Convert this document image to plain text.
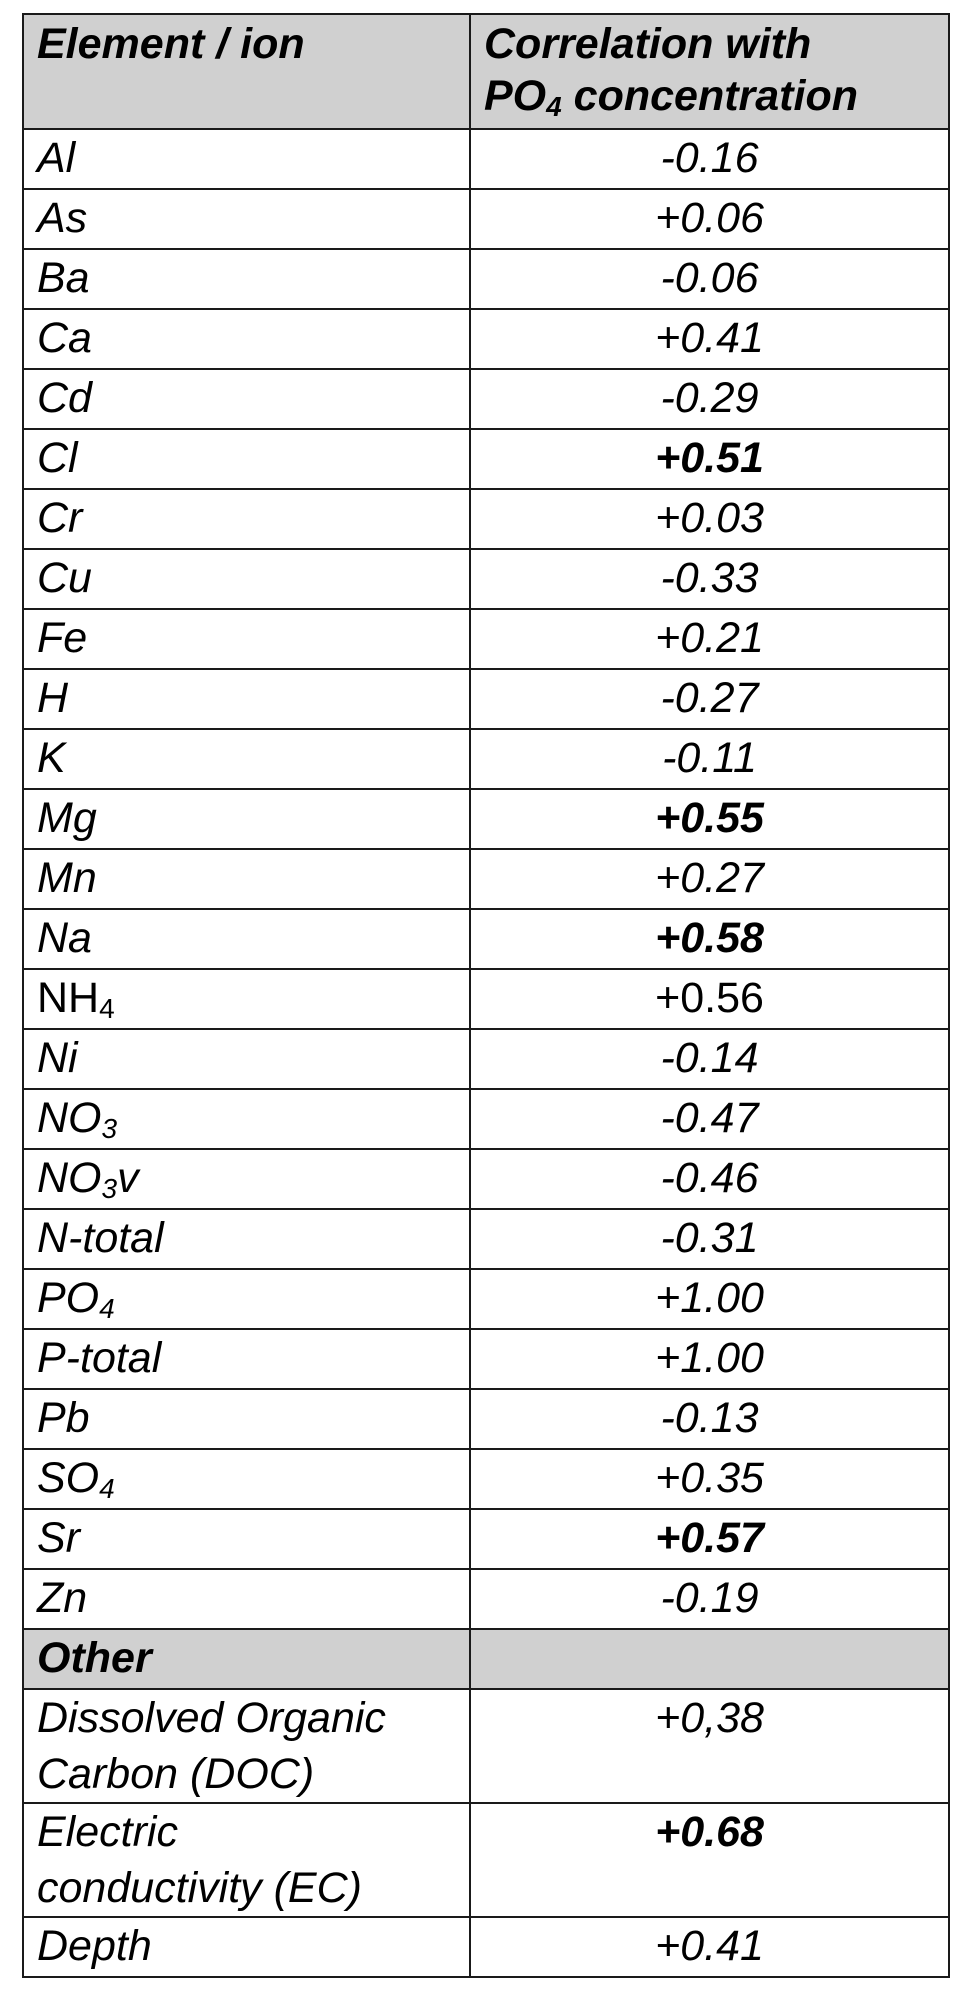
Element / ion	Correlation with
$PO_4$ concentration
Al	-0.16
As	+0.06
Ba	-0.06
Ca	+0.41
Cd	-0.29
Cl	+0.51
Cr	+0.03
Cu	-0.33
Fe	+0.21
H	-0.27
K	-0.11
Mg	+0.55
Mn	+0.27
Na	+0.58
$NH_4$	+0.56
Ni	-0.14
$NO_3$	-0.47
$NO_3v$	-0.46
N-total	-0.31
$PO_4$	+1.00
P-total	+1.00
Pb	-0.13
$SO_4$	+0.35
Sr	+0.57
Zn	-0.19
Other	
Dissolved Organic
Carbon (DOC)	+0,38
Electric
conductivity (EC)	+0.68
Depth	+0.41
